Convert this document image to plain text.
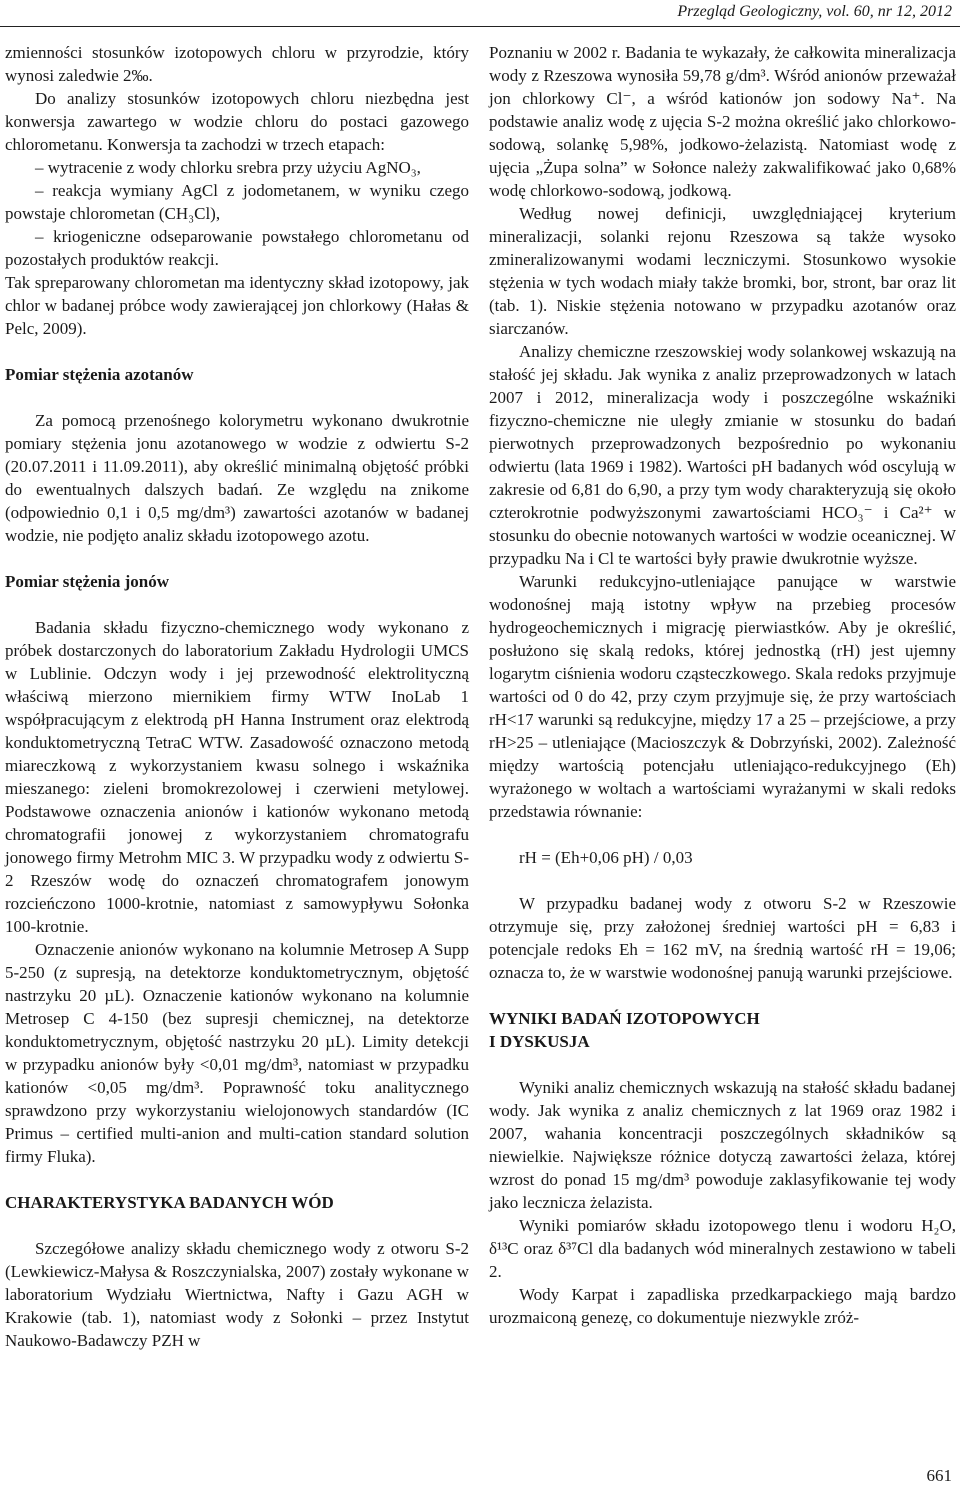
Przegląd Geologiczny, vol. 60, nr 12, 2012

zmienności stosunków izotopowych chloru w przyrodzie, który wynosi zaledwie 2‰.

Do analizy stosunków izotopowych chloru niezbędna jest konwersja zawartego w wodzie chloru do postaci gazowego chlorometanu. Konwersja ta zachodzi w trzech etapach:

– wytracenie z wody chlorku srebra przy użyciu AgNO₃,

– reakcja wymiany AgCl z jodometanem, w wyniku czego powstaje chlorometan (CH₃Cl),

– kriogeniczne odseparowanie powstałego chlorometanu od pozostałych produktów reakcji.

Tak spreparowany chlorometan ma identyczny skład izotopowy, jak chlor w badanej próbce wody zawierającej jon chlorkowy (Hałas & Pelc, 2009).

Pomiar stężenia azotanów

Za pomocą przenośnego kolorymetru wykonano dwukrotnie pomiary stężenia jonu azotanowego w wodzie z odwiertu S-2 (20.07.2011 i 11.09.2011), aby określić minimalną objętość próbki do ewentualnych dalszych badań. Ze względu na znikome (odpowiednio 0,1 i 0,5 mg/dm³) zawartości azotanów w badanej wodzie, nie podjęto analiz składu izotopowego azotu.

Pomiar stężenia jonów

Badania składu fizyczno-chemicznego wody wykonano z próbek dostarczonych do laboratorium Zakładu Hydrologii UMCS w Lublinie. Odczyn wody i jej przewodność elektrolityczną właściwą mierzono miernikiem firmy WTW InoLab 1 współpracującym z elektrodą pH Hanna Instrument oraz elektrodą konduktometryczną TetraC WTW. Zasadowość oznaczono metodą miareczkową z wykorzystaniem kwasu solnego i wskaźnika mieszanego: zieleni bromokrezolowej i czerwieni metylowej. Podstawowe oznaczenia anionów i kationów wykonano metodą chromatografii jonowej z wykorzystaniem chromatografu jonowego firmy Metrohm MIC 3. W przypadku wody z odwiertu S-2 Rzeszów wodę do oznaczeń chromatografem jonowym rozcieńczono 1000-krotnie, natomiast z samowypływu Sołonka 100-krotnie.

Oznaczenie anionów wykonano na kolumnie Metrosep A Supp 5-250 (z supresją, na detektorze konduktometrycznym, objętość nastrzyku 20 µL). Oznaczenie kationów wykonano na kolumnie Metrosep C 4-150 (bez supresji chemicznej, na detektorze konduktometrycznym, objętość nastrzyku 20 µL). Limity detekcji w przypadku anionów były <0,01 mg/dm³, natomiast w przypadku kationów <0,05 mg/dm³. Poprawność toku analitycznego sprawdzono przy wykorzystaniu wielojonowych standardów (IC Primus – certified multi-anion and multi-cation standard solution firmy Fluka).

CHARAKTERYSTYKA BADANYCH WÓD

Szczegółowe analizy składu chemicznego wody z otworu S-2 (Lewkiewicz-Małysa & Roszczynialska, 2007) zostały wykonane w laboratorium Wydziału Wiertnictwa, Nafty i Gazu AGH w Krakowie (tab. 1), natomiast wody z Sołonki – przez Instytut Naukowo-Badawczy PZH w

Poznaniu w 2002 r. Badania te wykazały, że całkowita mineralizacja wody z Rzeszowa wynosiła 59,78 g/dm³. Wśród anionów przeważał jon chlorkowy Cl⁻, a wśród kationów jon sodowy Na⁺. Na podstawie analiz wodę z ujęcia S-2 można określić jako chlorkowo-sodową, solankę 5,98%, jodkowo-żelazistą. Natomiast wodę z ujęcia „Żupa solna” w Sołonce należy zakwalifikować jako 0,68% wodę chlorkowo-sodową, jodkową.

Według nowej definicji, uwzględniającej kryterium mineralizacji, solanki rejonu Rzeszowa są także wysoko zmineralizowanymi wodami leczniczymi. Stosunkowo wysokie stężenia w tych wodach miały także bromki, bor, stront, bar oraz lit (tab. 1). Niskie stężenia notowano w przypadku azotanów oraz siarczanów.

Analizy chemiczne rzeszowskiej wody solankowej wskazują na stałość jej składu. Jak wynika z analiz przeprowadzonych w latach 2007 i 2012, mineralizacja wody i poszczególne wskaźniki fizyczno-chemiczne nie uległy zmianie w stosunku do badań pierwotnych przeprowadzonych bezpośrednio po wykonaniu odwiertu (lata 1969 i 1982). Wartości pH badanych wód oscylują w zakresie od 6,81 do 6,90, a przy tym wody charakteryzują się około czterokrotnie podwyższonymi zawartościami HCO₃⁻ i Ca²⁺ w stosunku do obecnie notowanych wartości w wodzie oceanicznej. W przypadku Na i Cl te wartości były prawie dwukrotnie wyższe.

Warunki redukcyjno-utleniające panujące w warstwie wodonośnej mają istotny wpływ na przebieg procesów hydrogeochemicznych i migrację pierwiastków. Aby je określić, posłużono się skalą redoks, której jednostką (rH) jest ujemny logarytm ciśnienia wodoru cząsteczkowego. Skala redoks przyjmuje wartości od 0 do 42, przy czym przyjmuje się, że przy wartościach rH<17 warunki są redukcyjne, między 17 a 25 – przejściowe, a przy rH>25 – utleniające (Macioszczyk & Dobrzyński, 2002). Zależność między wartością potencjału utleniająco-redukcyjnego (Eh) wyrażonego w woltach a wartościami wyrażanymi w skali redoks przedstawia równanie:

rH = (Eh+0,06 pH) / 0,03

W przypadku badanej wody z otworu S-2 w Rzeszowie otrzymuje się, przy założonej średniej wartości pH = 6,83 i potencjale redoks Eh = 162 mV, na średnią wartość rH = 19,06; oznacza to, że w warstwie wodonośnej panują warunki przejściowe.

WYNIKI BADAŃ IZOTOPOWYCH

I DYSKUSJA

Wyniki analiz chemicznych wskazują na stałość składu badanej wody. Jak wynika z analiz chemicznych z lat 1969 oraz 1982 i 2007, wahania koncentracji poszczególnych składników są niewielkie. Największe różnice dotyczą zawartości żelaza, której wzrost do ponad 15 mg/dm³ powoduje zaklasyfikowanie tej wody jako lecznicza żelazista.

Wyniki pomiarów składu izotopowego tlenu i wodoru H₂O, δ¹³C oraz δ³⁷Cl dla badanych wód mineralnych zestawiono w tabeli 2.

Wody Karpat i zapadliska przedkarpackiego mają bardzo urozmaiconą genezę, co dokumentuje niezwykle zróż-

661
